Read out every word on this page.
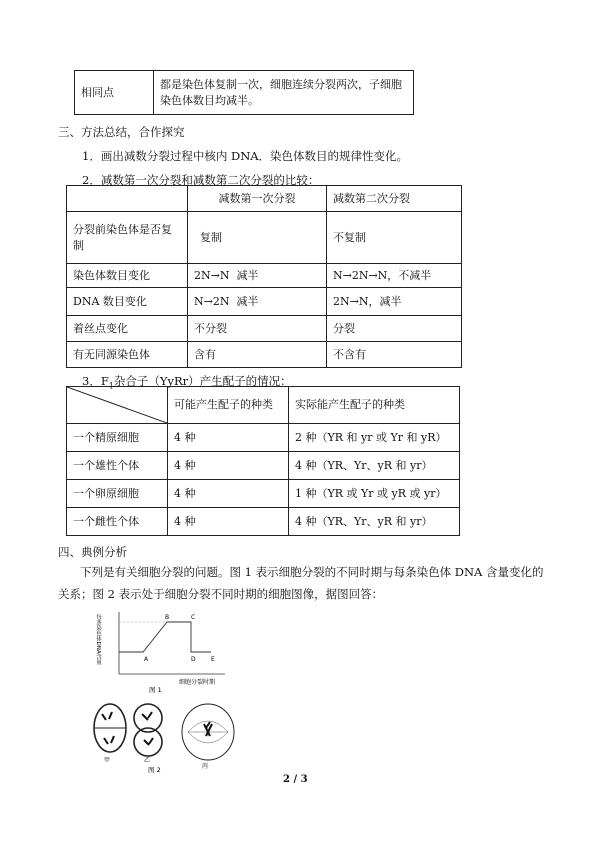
相同点	都是染色体复制一次，细胞连续分裂两次，子细胞染色体数目均减半。
三、方法总结，合作探究
1．画出减数分裂过程中核内 DNA．染色体数目的规律性变化。
2．减数第一次分裂和减数第二次分裂的比较：
	减数第一次分裂	减数第二次分裂
分裂前染色体是否复制	复制	不复制
染色体数目变化	2N→N  减半	N→2N→N，不减半
DNA 数目变化	N→2N  减半	2N→N，减半
着丝点变化	不分裂	分裂
有无同源染色体	含有	不含有
3．$F_1$杂合子（YyRr）产生配子的情况：
	可能产生配子的种类	实际能产生配子的种类
一个精原细胞	4 种	2 种（YR 和 yr 或 Yr 和 yR）
一个雄性个体	4 种	4 种（YR、Yr、yR 和 yr）
一个卵原细胞	4 种	1 种（YR 或 Yr 或 yR 或 yr）
一个雌性个体	4 种	4 种（YR、Yr、yR 和 yr）
四、典例分析
下列是有关细胞分裂的问题。图 1 表示细胞分裂的不同时期与每条染色体 DNA 含量变化的关系；图 2 表示处于细胞分裂不同时期的细胞图像，据图回答：
每条染色体DNA含量	A
B	C
D	E
细胞分裂时期
图 1
甲	乙
丙
图 2
2 / 3
